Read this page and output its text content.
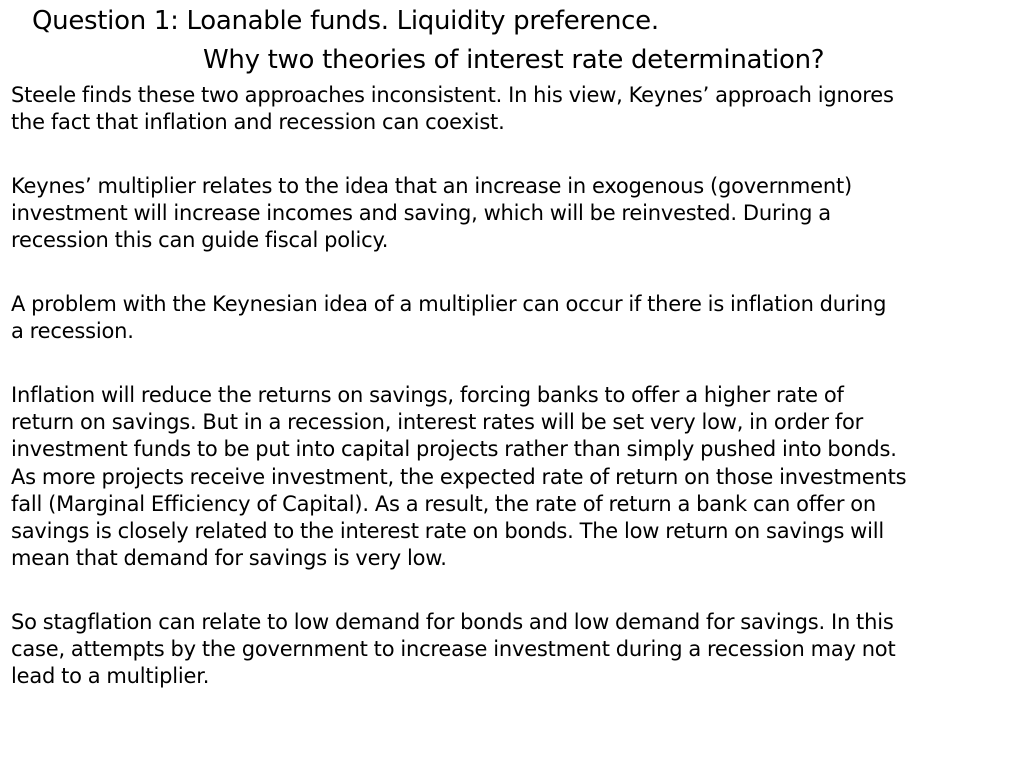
Question 1: Loanable funds. Liquidity preference.
Why two theories of interest rate determination?

Steele finds these two approaches inconsistent. In his view, Keynes’ approach ignores
the fact that inflation and recession can coexist.

Keynes’ multiplier relates to the idea that an increase in exogenous (government)
investment will increase incomes and saving, which will be reinvested. During a
recession this can guide fiscal policy.

A problem with the Keynesian idea of a multiplier can occur if there is inflation during
a recession.

Inflation will reduce the returns on savings, forcing banks to offer a higher rate of
return on savings. But in a recession, interest rates will be set very low, in order for
investment funds to be put into capital projects rather than simply pushed into bonds.
As more projects receive investment, the expected rate of return on those investments
fall (Marginal Efficiency of Capital). As a result, the rate of return a bank can offer on
savings is closely related to the interest rate on bonds. The low return on savings will
mean that demand for savings is very low.

So stagflation can relate to low demand for bonds and low demand for savings. In this
case, attempts by the government to increase investment during a recession may not
lead to a multiplier.
